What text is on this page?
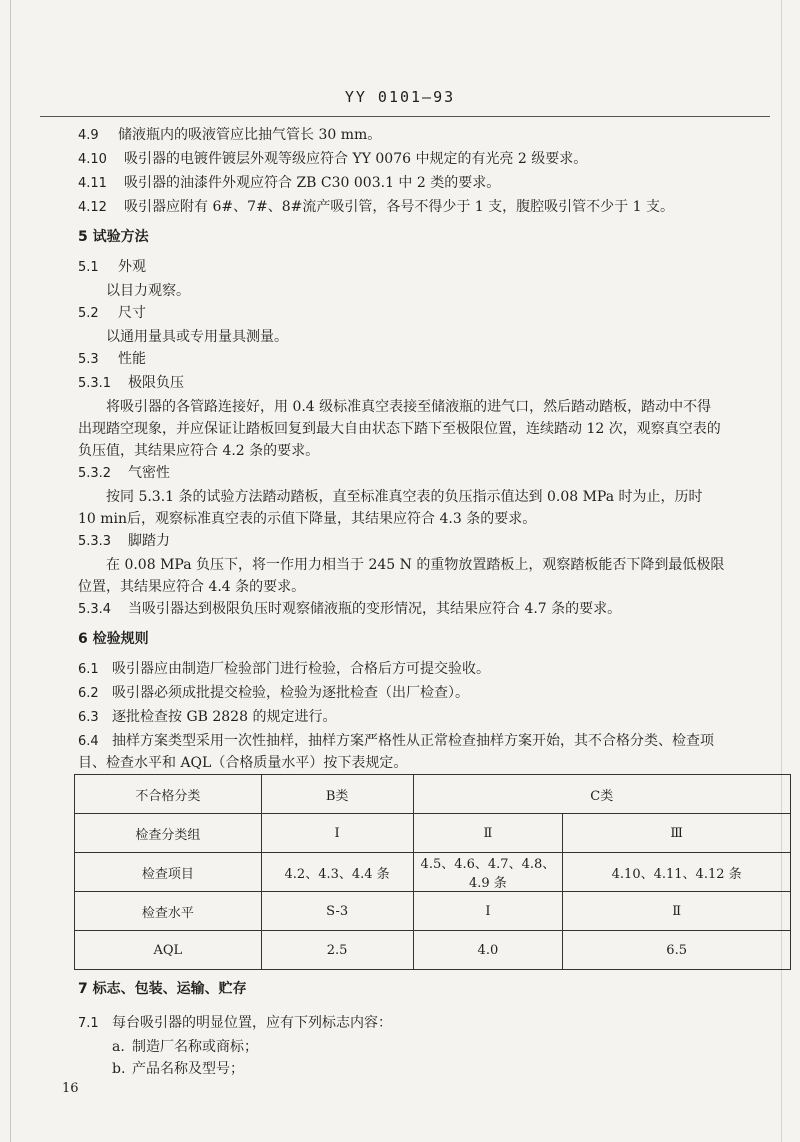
YY 0101—93
4.9 储液瓶内的吸液管应比抽气管长 30 mm。
4.10 吸引器的电镀件镀层外观等级应符合 YY 0076 中规定的有光亮 2 级要求。
4.11 吸引器的油漆件外观应符合 ZB C30 003.1 中 2 类的要求。
4.12 吸引器应附有 6#、7#、8#流产吸引管，各号不得少于 1 支，腹腔吸引管不少于 1 支。
5 试验方法
5.1 外观
以目力观察。
5.2 尺寸
以通用量具或专用量具测量。
5.3 性能
5.3.1 极限负压
将吸引器的各管路连接好，用 0.4 级标准真空表接至储液瓶的进气口，然后踏动踏板，踏动中不得
出现踏空现象，并应保证让踏板回复到最大自由状态下踏下至极限位置，连续踏动 12 次，观察真空表的
负压值，其结果应符合 4.2 条的要求。
5.3.2 气密性
按同 5.3.1 条的试验方法踏动踏板，直至标准真空表的负压指示值达到 0.08 MPa 时为止，历时
10 min后，观察标准真空表的示值下降量，其结果应符合 4.3 条的要求。
5.3.3 脚踏力
在 0.08 MPa 负压下，将一作用力相当于 245 N 的重物放置踏板上，观察踏板能否下降到最低极限
位置，其结果应符合 4.4 条的要求。
5.3.4 当吸引器达到极限负压时观察储液瓶的变形情况，其结果应符合 4.7 条的要求。
6 检验规则
6.1 吸引器应由制造厂检验部门进行检验，合格后方可提交验收。
6.2 吸引器必须成批提交检验，检验为逐批检查（出厂检查）。
6.3 逐批检查按 GB 2828 的规定进行。
6.4 抽样方案类型采用一次性抽样，抽样方案严格性从正常检查抽样方案开始，其不合格分类、检查项
目、检查水平和 AQL（合格质量水平）按下表规定。
不合格分类	B类	C类	
检查分类组	I	Ⅱ	Ⅲ
检查项目	4.2、4.3、4.4 条	4.5、4.6、4.7、4.8、4.9 条	4.10、4.11、4.12 条
检查水平	S-3	I	Ⅱ
AQL	2.5	4.0	6.5
7 标志、包装、运输、贮存
7.1 每台吸引器的明显位置，应有下列标志内容：
a. 制造厂名称或商标；
b. 产品名称及型号；
16
